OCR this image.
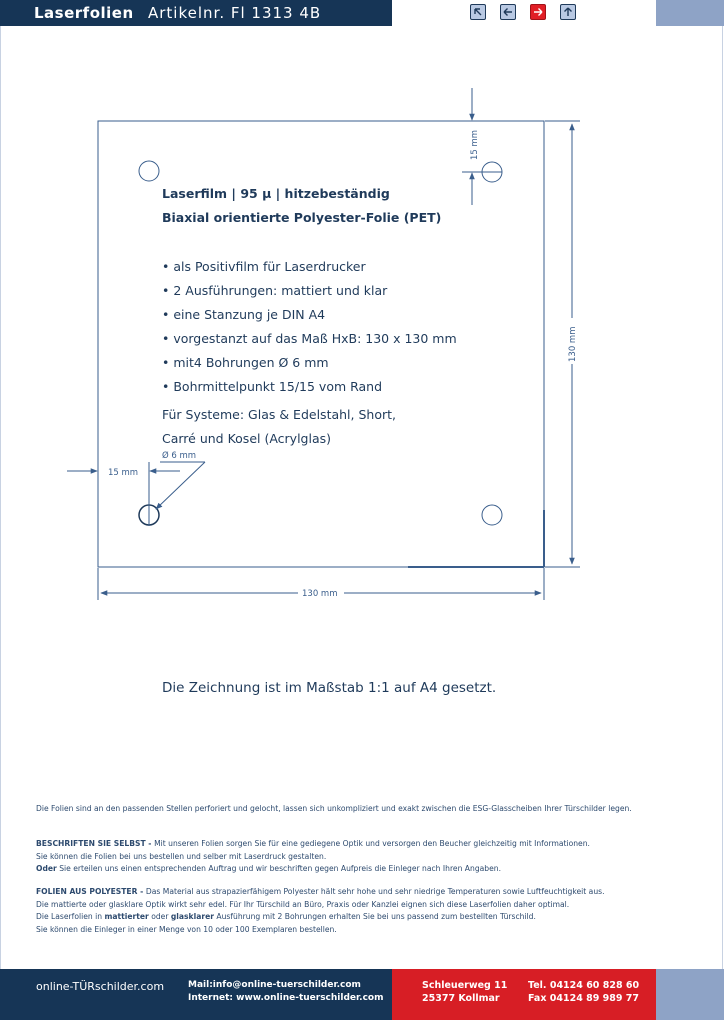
Laserfolien Artikelnr. Fl 1313 4B
15 mm
130 mm
130 mm
15 mm
Ø 6 mm
Laserfilm | 95 µ | hitzebeständig
Biaxial orientierte Polyester-Folie (PET)
• als Positivfilm für Laserdrucker
• 2 Ausführungen: mattiert und klar
• eine Stanzung je DIN A4
• vorgestanzt auf das Maß HxB: 130 x 130 mm
• mit4 Bohrungen Ø 6 mm
• Bohrmittelpunkt 15/15 vom Rand
Für Systeme: Glas & Edelstahl, Short,
Carré und Kosel (Acrylglas)
Die Zeichnung ist im Maßstab 1:1 auf A4 gesetzt.
Die Folien sind an den passenden Stellen perforiert und gelocht, lassen sich unkompliziert und exakt zwischen die ESG-Glasscheiben Ihrer Türschilder legen.
BESCHRIFTEN SIE SELBST - Mit unseren Folien sorgen Sie für eine gediegene Optik und versorgen den Beucher gleichzeitig mit Informationen.
Sie können die Folien bei uns bestellen und selber mit Laserdruck gestalten.
Oder Sie erteilen uns einen entsprechenden Auftrag und wir beschriften gegen Aufpreis die Einleger nach Ihren Angaben.
FOLIEN AUS POLYESTER - Das Material aus strapazierfähigem Polyester hält sehr hohe und sehr niedrige Temperaturen sowie Luftfeuchtigkeit aus.
Die mattierte oder glasklare Optik wirkt sehr edel. Für Ihr Türschild an Büro, Praxis oder Kanzlei eignen sich diese Laserfolien daher optimal.
Die Laserfolien in mattierter oder glasklarer Ausführung mit 2 Bohrungen erhalten Sie bei uns passend zum bestellten Türschild.
Sie können die Einleger in einer Menge von 10 oder 100 Exemplaren bestellen.
online-TÜRschilder.com	Mail:info@online-tuerschilder.com
Internet: www.online-tuerschilder.com
Schleuerweg 11
25377 Kollmar
Tel. 04124 60 828 60
Fax 04124 89 989 77
